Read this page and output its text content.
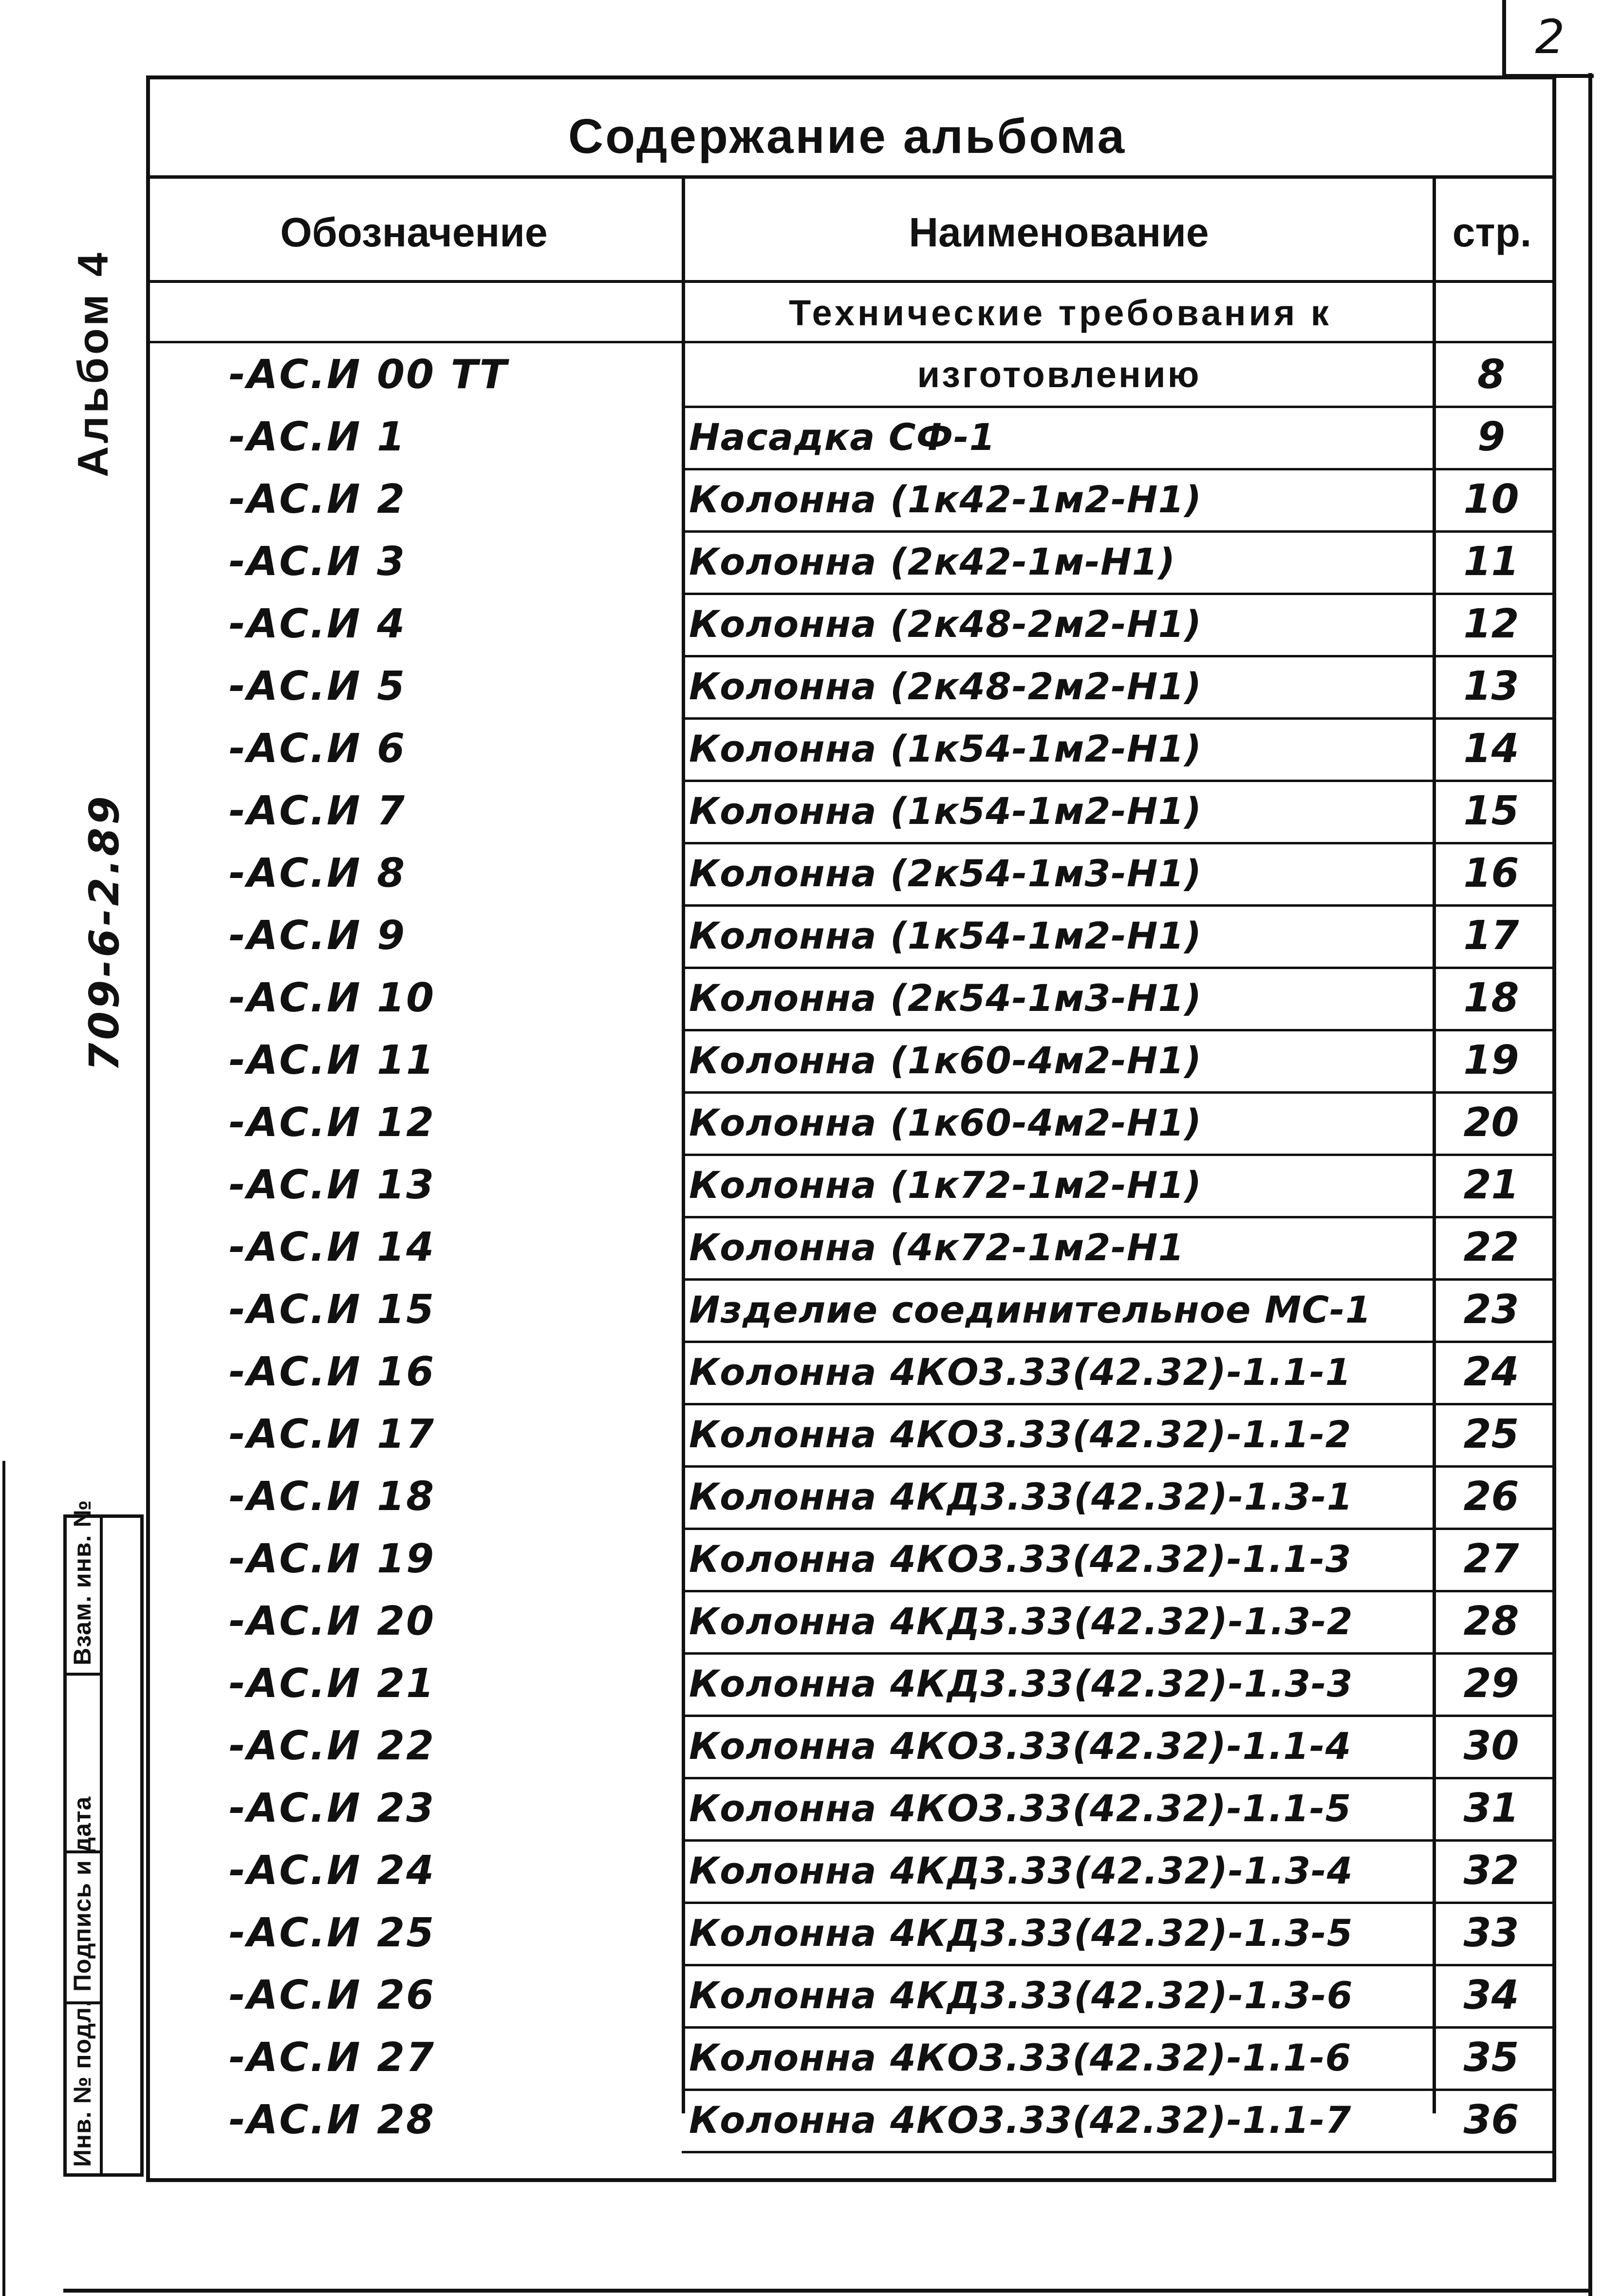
2
Альбом 4
709-6-2.89
Взам. инв. №
Подпись и дата
Инв. № подл.
Содержание альбома
Обозначение	Наименование	стр.
Технические требования к
-АС.И 00 ТТ	изготовлению	8
-АС.И 1	Насадка СФ-1	9
-АС.И 2	Колонна (1к42-1м2-Н1)	10
-АС.И 3	Колонна (2к42-1м-Н1)	11
-АС.И 4	Колонна (2к48-2м2-Н1)	12
-АС.И 5	Колонна (2к48-2м2-Н1)	13
-АС.И 6	Колонна (1к54-1м2-Н1)	14
-АС.И 7	Колонна (1к54-1м2-Н1)	15
-АС.И 8	Колонна (2к54-1м3-Н1)	16
-АС.И 9	Колонна (1к54-1м2-Н1)	17
-АС.И 10	Колонна (2к54-1м3-Н1)	18
-АС.И 11	Колонна (1к60-4м2-Н1)	19
-АС.И 12	Колонна (1к60-4м2-Н1)	20
-АС.И 13	Колонна (1к72-1м2-Н1)	21
-АС.И 14	Колонна (4к72-1м2-Н1	22
-АС.И 15	Изделие соединительное МС-1	23
-АС.И 16	Колонна 4КО3.33(42.32)-1.1-1	24
-АС.И 17	Колонна 4КО3.33(42.32)-1.1-2	25
-АС.И 18	Колонна 4КД3.33(42.32)-1.3-1	26
-АС.И 19	Колонна 4КО3.33(42.32)-1.1-3	27
-АС.И 20	Колонна 4КД3.33(42.32)-1.3-2	28
-АС.И 21	Колонна 4КД3.33(42.32)-1.3-3	29
-АС.И 22	Колонна 4КО3.33(42.32)-1.1-4	30
-АС.И 23	Колонна 4КО3.33(42.32)-1.1-5	31
-АС.И 24	Колонна 4КД3.33(42.32)-1.3-4	32
-АС.И 25	Колонна 4КД3.33(42.32)-1.3-5	33
-АС.И 26	Колонна 4КД3.33(42.32)-1.3-6	34
-АС.И 27	Колонна 4КО3.33(42.32)-1.1-6	35
-АС.И 28	Колонна 4КО3.33(42.32)-1.1-7	36
